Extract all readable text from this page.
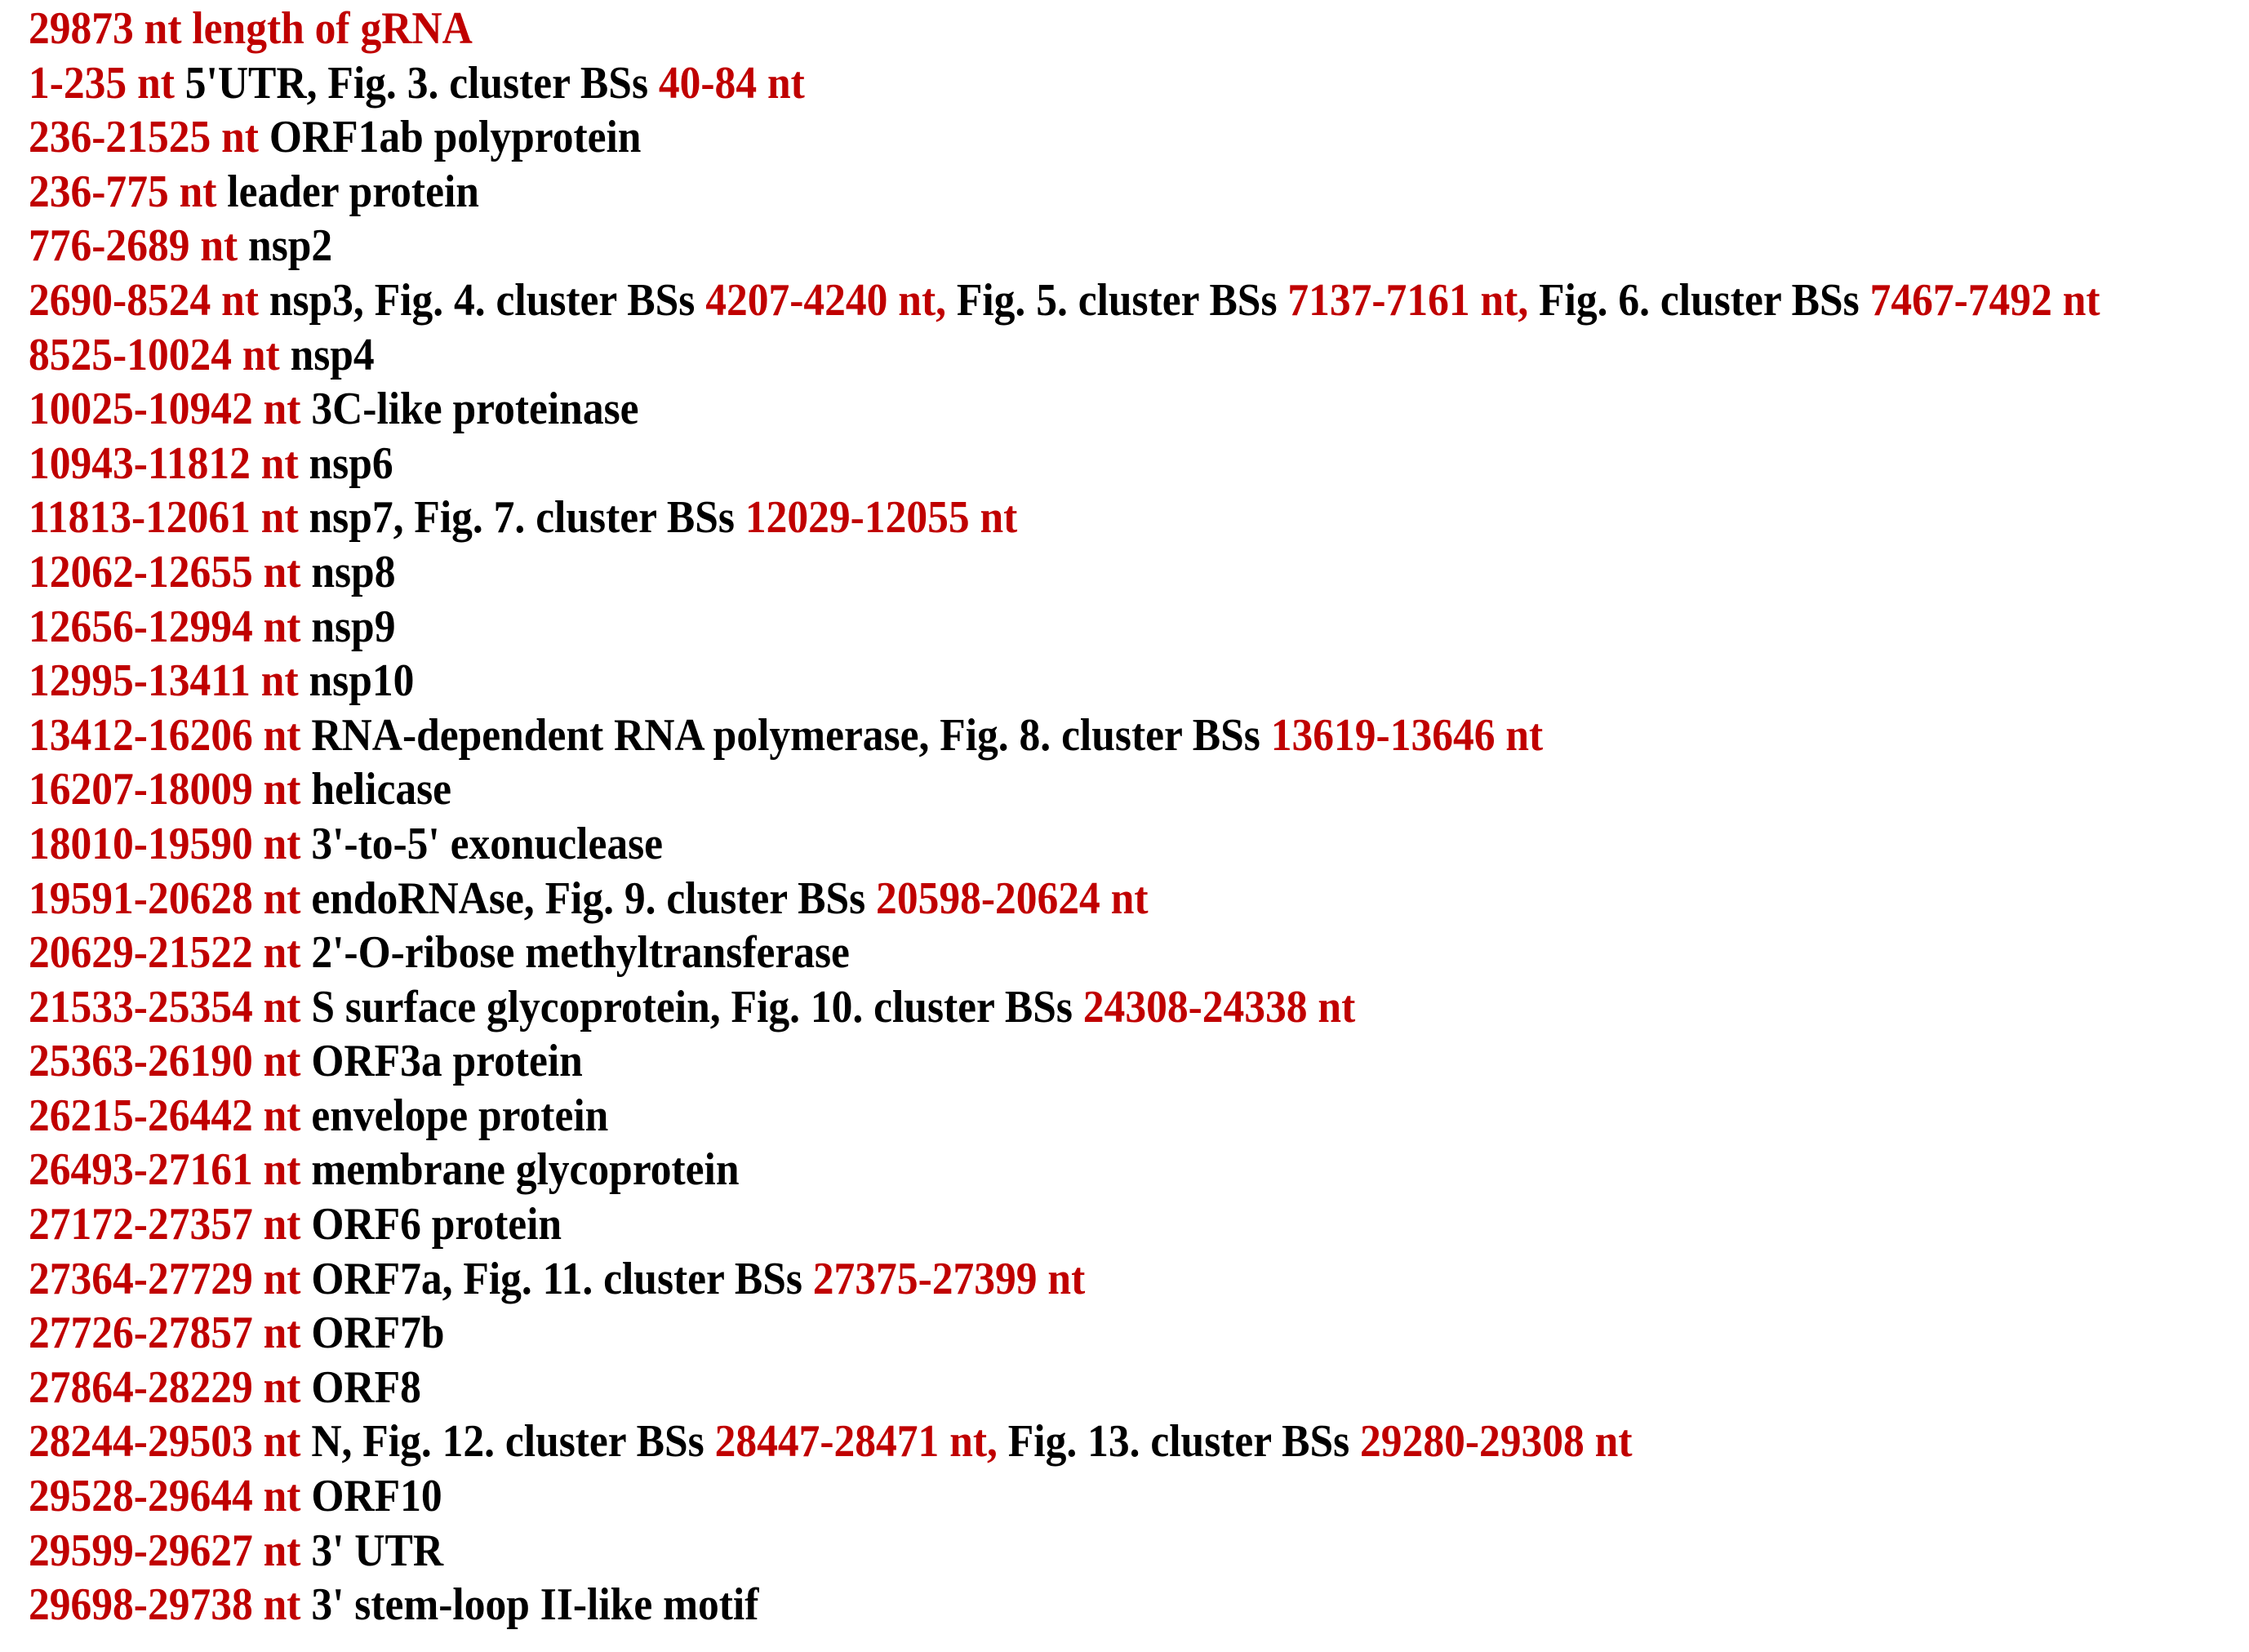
29873 nt length of gRNA
1-235 nt 5'UTR, Fig. 3. cluster BSs 40-84 nt
236-21525 nt ORF1ab polyprotein
236-775 nt leader protein
776-2689 nt nsp2
2690-8524 nt nsp3, Fig. 4. cluster BSs 4207-4240 nt, Fig. 5. cluster BSs 7137-7161 nt, Fig. 6. cluster BSs 7467-7492 nt
8525-10024 nt nsp4
10025-10942 nt 3C-like proteinase
10943-11812 nt nsp6
11813-12061 nt nsp7, Fig. 7. cluster BSs 12029-12055 nt
12062-12655 nt nsp8
12656-12994 nt nsp9
12995-13411 nt nsp10
13412-16206 nt RNA-dependent RNA polymerase, Fig. 8. cluster BSs 13619-13646 nt
16207-18009 nt helicase
18010-19590 nt 3'-to-5' exonuclease
19591-20628 nt endoRNAse, Fig. 9. cluster BSs 20598-20624 nt
20629-21522 nt 2'-O-ribose methyltransferase
21533-25354 nt S surface glycoprotein, Fig. 10. cluster BSs 24308-24338 nt
25363-26190 nt ORF3a protein
26215-26442 nt envelope protein
26493-27161 nt membrane glycoprotein
27172-27357 nt ORF6 protein
27364-27729 nt ORF7a, Fig. 11. cluster BSs 27375-27399 nt
27726-27857 nt ORF7b
27864-28229 nt ORF8
28244-29503 nt N, Fig. 12. cluster BSs 28447-28471 nt, Fig. 13. cluster BSs 29280-29308 nt
29528-29644 nt ORF10
29599-29627 nt 3' UTR
29698-29738 nt 3' stem-loop II-like motif
